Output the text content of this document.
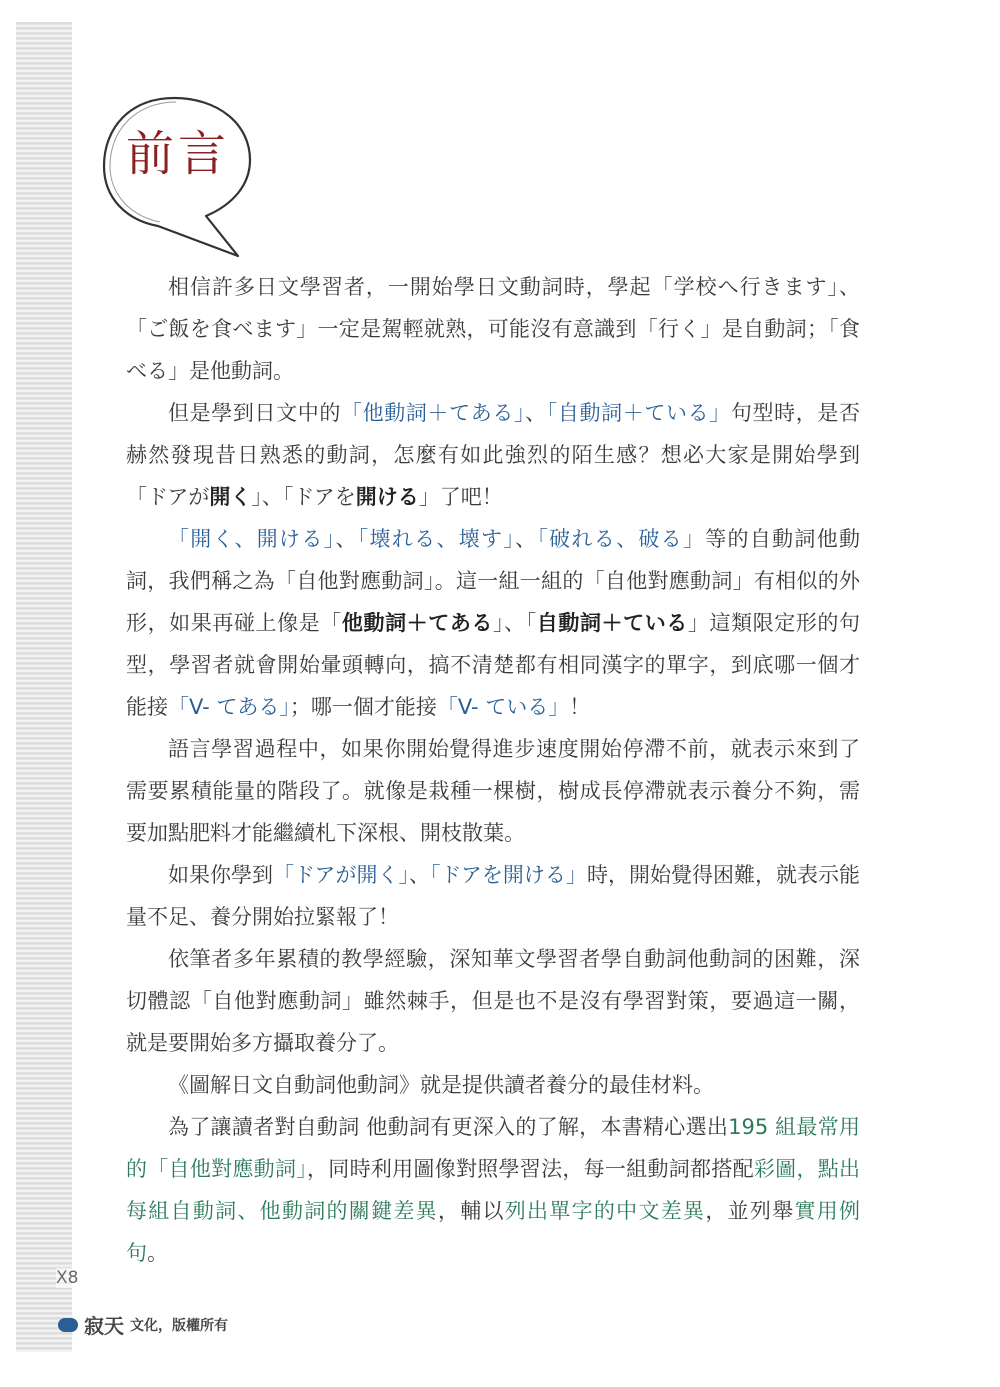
前言

相信許多日文學習者，一開始學日文動詞時，學起「学校へ行きます」、「ご飯を食べます」一定是駕輕就熟，可能沒有意識到「行く」是自動詞；「食べる」是他動詞。

但是學到日文中的「他動詞＋てある」、「自動詞＋ている」句型時，是否赫然發現昔日熟悉的動詞，怎麼有如此強烈的陌生感？想必大家是開始學到「ドアが開く」、「ドアを開ける」了吧！

「開く、開ける」、「壊れる、壊す」、「破れる、破る」等的自動詞他動詞，我們稱之為「自他對應動詞」。這一組一組的「自他對應動詞」有相似的外形，如果再碰上像是「他動詞＋てある」、「自動詞＋ている」這類限定形的句型，學習者就會開始暈頭轉向，搞不清楚都有相同漢字的單字，到底哪一個才能接「V- てある」；哪一個才能接「V- ている」！

語言學習過程中，如果你開始覺得進步速度開始停滯不前，就表示來到了需要累積能量的階段了。就像是栽種一棵樹，樹成長停滯就表示養分不夠，需要加點肥料才能繼續札下深根、開枝散葉。

如果你學到「ドアが開く」、「ドアを開ける」時，開始覺得困難，就表示能量不足、養分開始拉緊報了！

依筆者多年累積的教學經驗，深知華文學習者學自動詞他動詞的困難，深切體認「自他對應動詞」雖然棘手，但是也不是沒有學習對策，要過這一關，就是要開始多方攝取養分了。

《圖解日文自動詞他動詞》就是提供讀者養分的最佳材料。

為了讓讀者對自動詞 他動詞有更深入的了解，本書精心選出195 組最常用的「自他對應動詞」，同時利用圖像對照學習法，每一組動詞都搭配彩圖，點出每組自動詞、他動詞的關鍵差異，輔以列出單字的中文差異，並列舉實用例句。

X8
寂天 文化，版權所有
